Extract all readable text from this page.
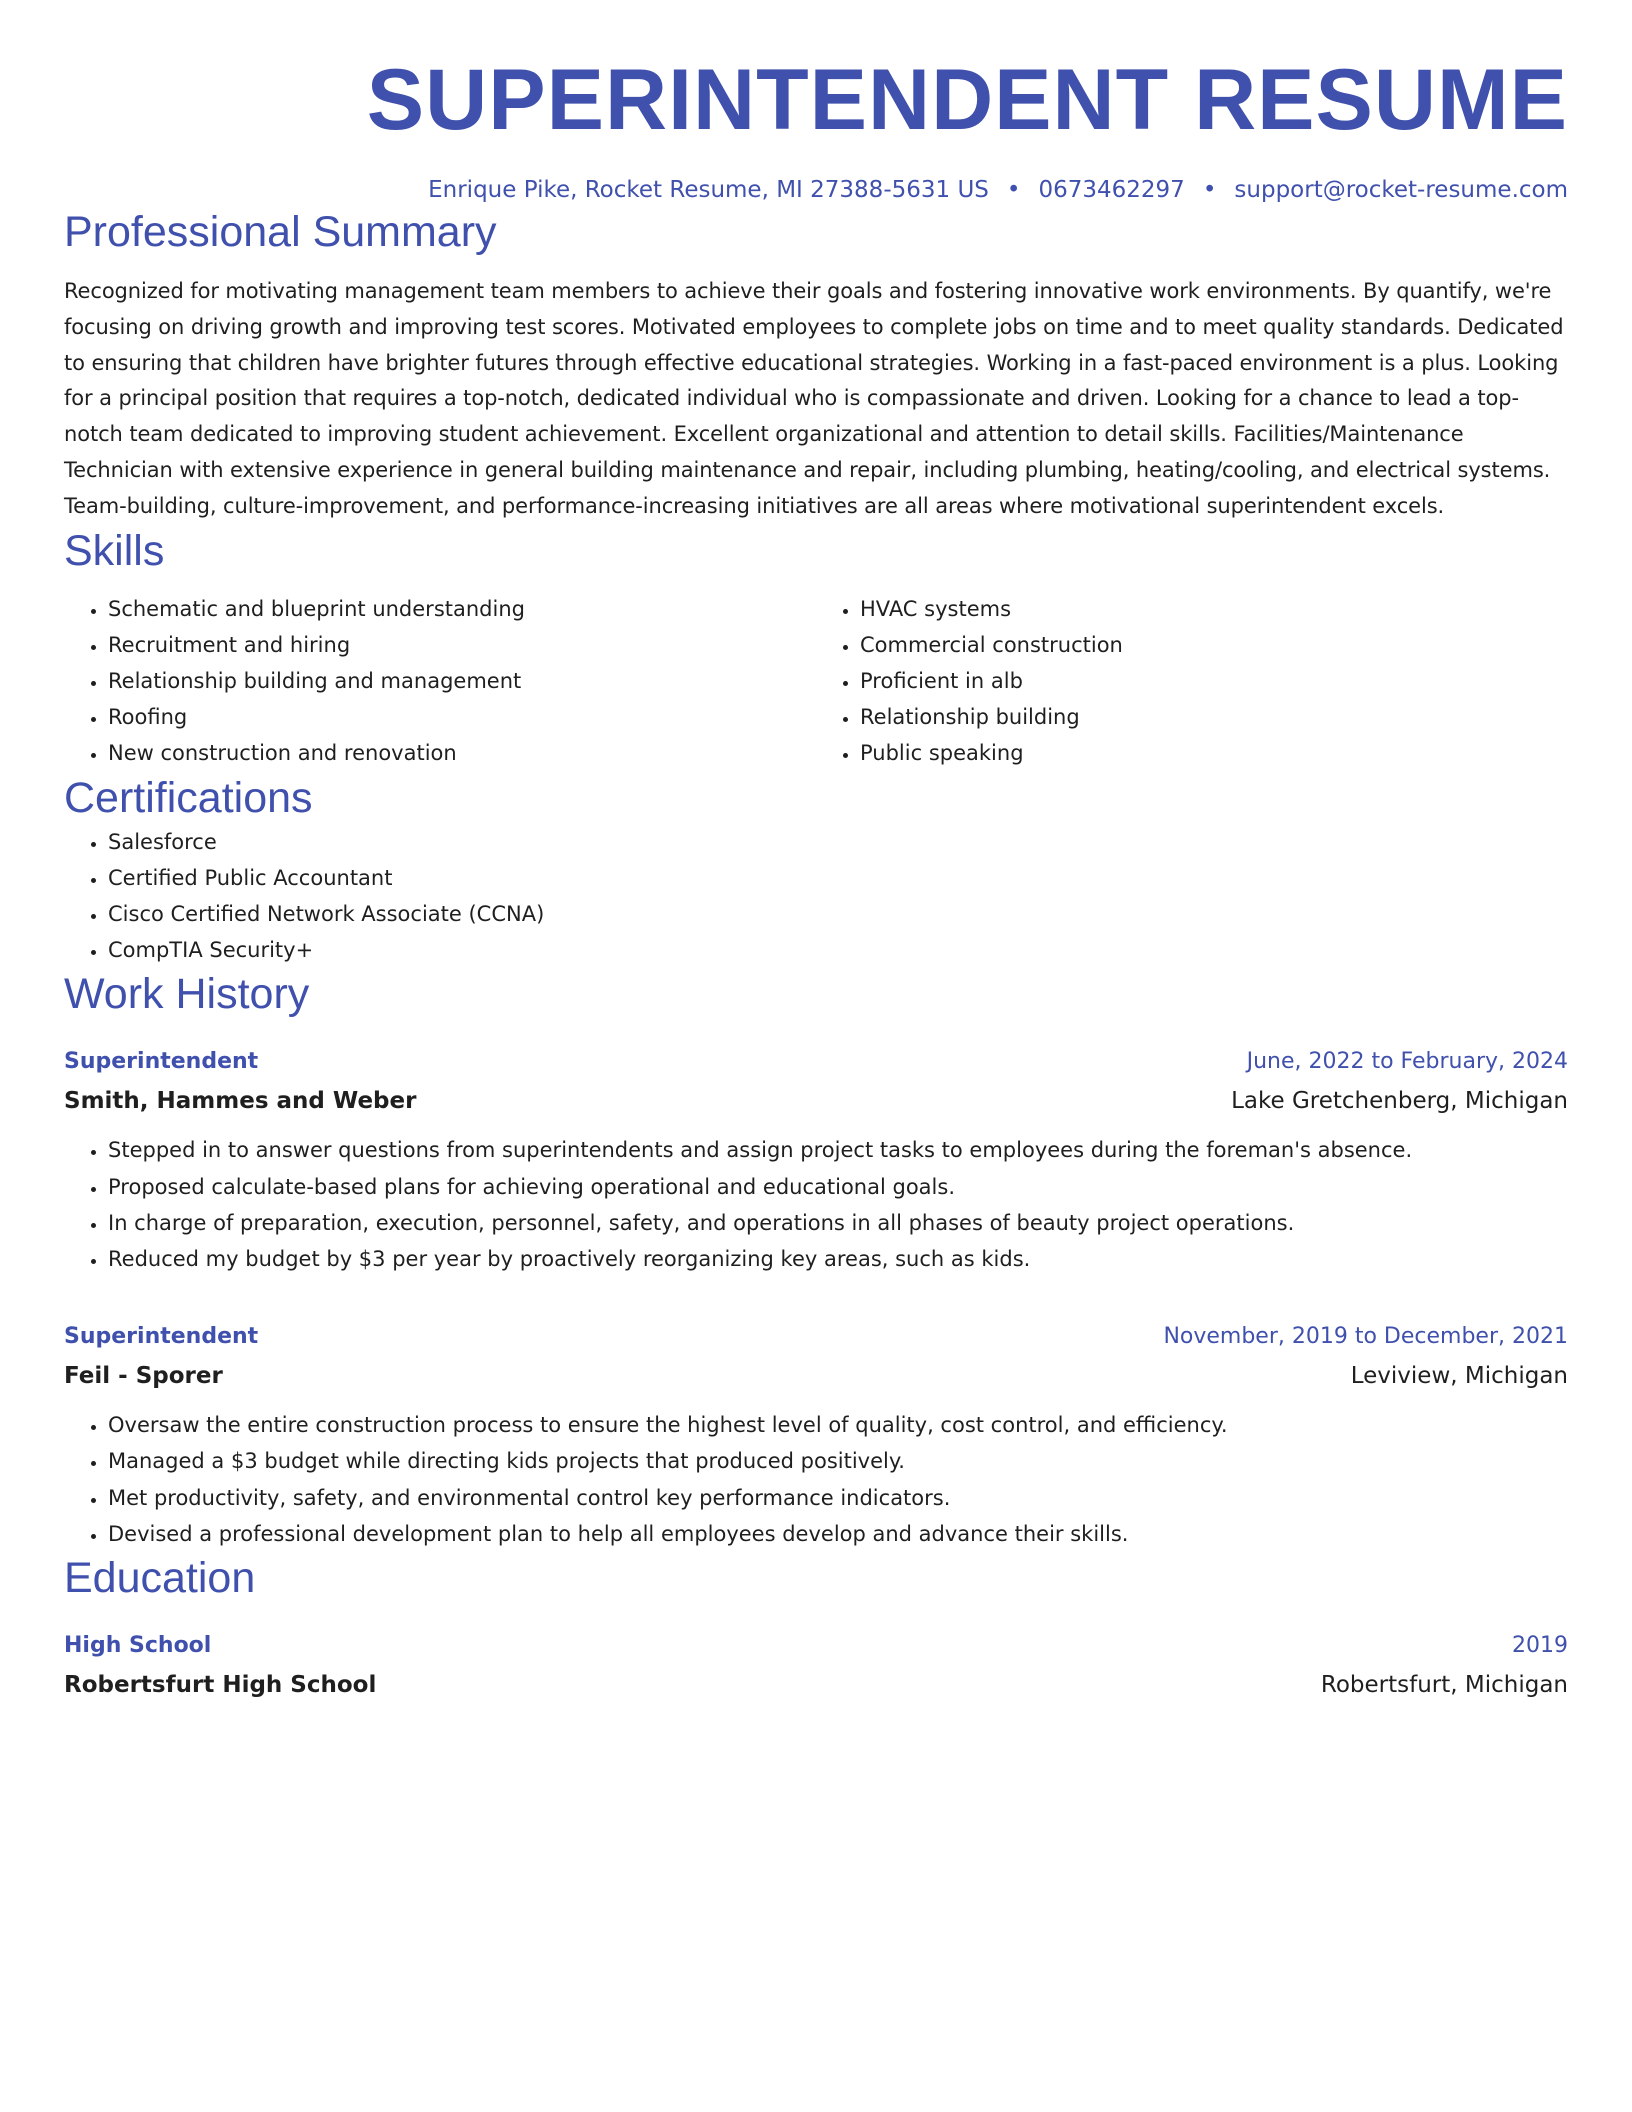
SUPERINTENDENT RESUME
Enrique Pike, Rocket Resume, MI 27388-5631 US • 0673462297 • support@rocket-resume.com
Professional Summary

Recognized for motivating management team members to achieve their goals and fostering innovative work environments. By quantify, we're focusing on driving growth and improving test scores. Motivated employees to complete jobs on time and to meet quality standards. Dedicated to ensuring that children have brighter futures through effective educational strategies. Working in a fast-paced environment is a plus. Looking for a principal position that requires a top-notch, dedicated individual who is compassionate and driven. Looking for a chance to lead a top-notch team dedicated to improving student achievement. Excellent organizational and attention to detail skills. Facilities/Maintenance Technician with extensive experience in general building maintenance and repair, including plumbing, heating/cooling, and electrical systems. Team-building, culture-improvement, and performance-increasing initiatives are all areas where motivational superintendent excels.

Skills
• Schematic and blueprint understanding
• Recruitment and hiring
• Relationship building and management
• Roofing
• New construction and renovation
• HVAC systems
• Commercial construction
• Proficient in alb
• Relationship building
• Public speaking
Certifications
• Salesforce
• Certified Public Accountant
• Cisco Certified Network Associate (CCNA)
• CompTIA Security+
Work History
Superintendent	June, 2022 to February, 2024
Smith, Hammes and Weber	Lake Gretchenberg, Michigan
• Stepped in to answer questions from superintendents and assign project tasks to employees during the foreman's absence.
• Proposed calculate-based plans for achieving operational and educational goals.
• In charge of preparation, execution, personnel, safety, and operations in all phases of beauty project operations.
• Reduced my budget by $3 per year by proactively reorganizing key areas, such as kids.
Superintendent	November, 2019 to December, 2021
Feil - Sporer	Leviview, Michigan
• Oversaw the entire construction process to ensure the highest level of quality, cost control, and efficiency.
• Managed a $3 budget while directing kids projects that produced positively.
• Met productivity, safety, and environmental control key performance indicators.
• Devised a professional development plan to help all employees develop and advance their skills.
Education
High School	2019
Robertsfurt High School	Robertsfurt, Michigan
